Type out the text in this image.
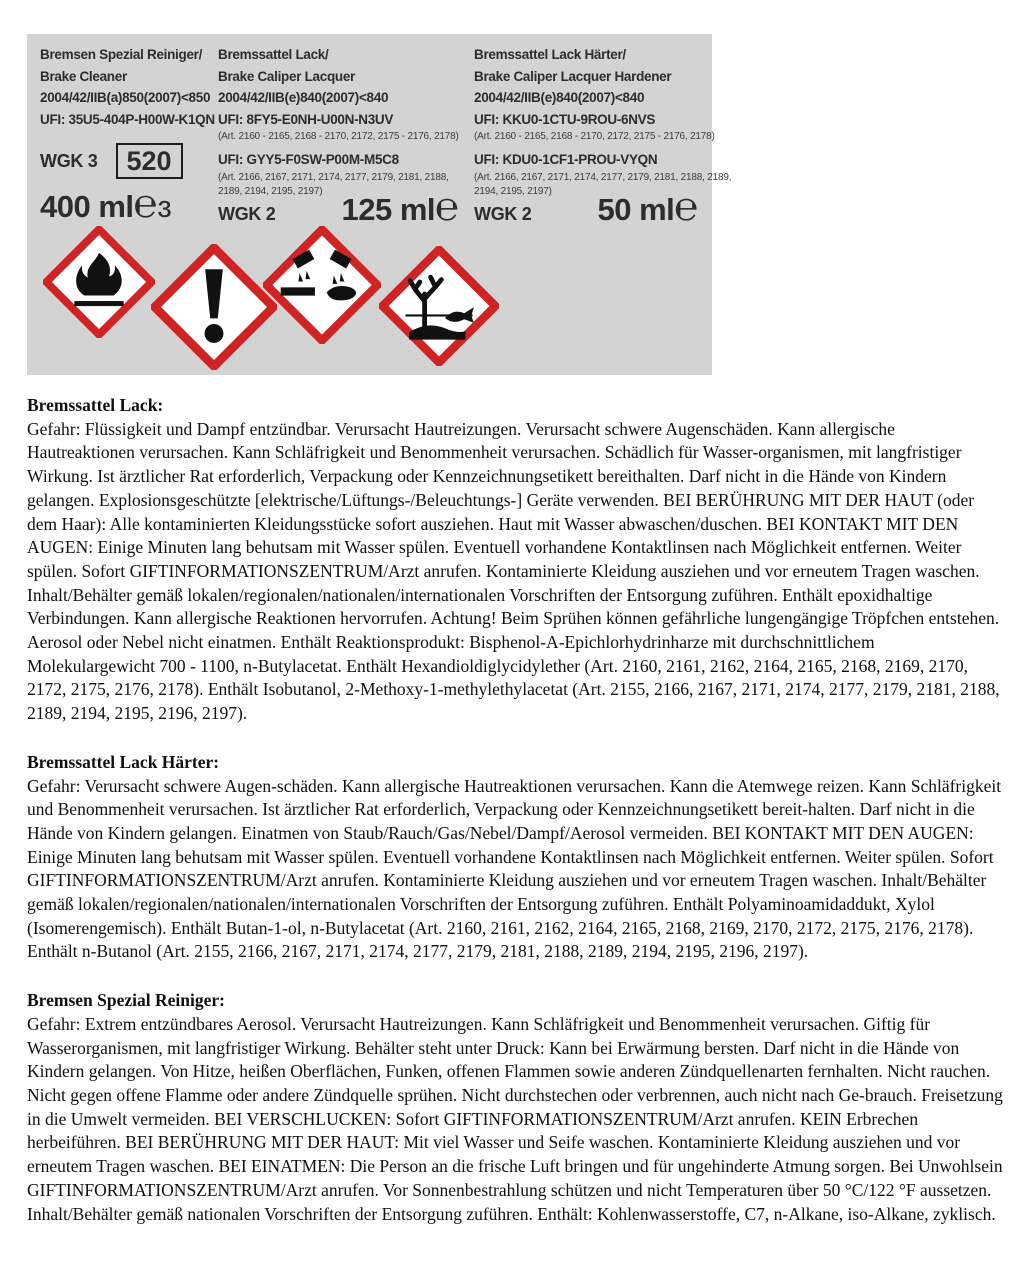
Bremsen Spezial Reiniger/
Brake Cleaner
2004/42/IIB(a)850(2007)<850
UFI: 35U5-404P-H00W-K1QN
WGK 3	520
400 ml ℮ ɜ
Bremssattel Lack/
Brake Caliper Lacquer
2004/42/IIB(e)840(2007)<840
UFI: 8FY5-E0NH-U00N-N3UV
(Art. 2160 - 2165, 2168 - 2170, 2172, 2175 - 2176, 2178)
UFI: GYY5-F0SW-P00M-M5C8
(Art. 2166, 2167, 2171, 2174, 2177, 2179, 2181, 2188, 2189, 2194, 2195, 2197)
WGK 2 125 ml ℮
Bremssattel Lack Härter/
Brake Caliper Lacquer Hardener
2004/42/IIB(e)840(2007)<840
UFI: KKU0-1CTU-9ROU-6NVS
(Art. 2160 - 2165, 2168 - 2170, 2172, 2175 - 2176, 2178)
UFI: KDU0-1CF1-PROU-VYQN
(Art. 2166, 2167, 2171, 2174, 2177, 2179, 2181, 2188, 2189, 2194, 2195, 2197)
WGK 2 50 ml ℮
Bremssattel Lack:
Gefahr: Flüssigkeit und Dampf entzündbar. Verursacht Hautreizungen. Verursacht schwere Augenschäden. Kann allergische Hautreaktionen verursachen. Kann Schläfrigkeit und Benommenheit verursachen. Schädlich für Wasser-organismen, mit langfristiger Wirkung. Ist ärztlicher Rat erforderlich, Verpackung oder Kennzeichnungsetikett bereithalten. Darf nicht in die Hände von Kindern gelangen. Explosionsgeschützte [elektrische/Lüftungs-/Beleuchtungs-] Geräte verwenden. BEI BERÜHRUNG MIT DER HAUT (oder dem Haar): Alle kontaminierten Kleidungsstücke sofort ausziehen. Haut mit Wasser abwaschen/duschen. BEI KONTAKT MIT DEN AUGEN: Einige Minuten lang behutsam mit Wasser spülen. Eventuell vorhandene Kontaktlinsen nach Möglichkeit entfernen. Weiter spülen. Sofort GIFTINFORMATIONSZENTRUM/Arzt anrufen. Kontaminierte Kleidung ausziehen und vor erneutem Tragen waschen. Inhalt/Behälter gemäß lokalen/regionalen/nationalen/internationalen Vorschriften der Entsorgung zuführen. Enthält epoxidhaltige Verbindungen. Kann allergische Reaktionen hervorrufen. Achtung! Beim Sprühen können gefährliche lungengängige Tröpfchen entstehen. Aerosol oder Nebel nicht einatmen. Enthält Reaktionsprodukt: Bisphenol-A-Epichlorhydrinharze mit durchschnittlichem Molekulargewicht 700 - 1100, n-Butylacetat. Enthält Hexandioldiglycidylether (Art. 2160, 2161, 2162, 2164, 2165, 2168, 2169, 2170, 2172, 2175, 2176, 2178). Enthält Isobutanol, 2-Methoxy-1-methylethylacetat (Art. 2155, 2166, 2167, 2171, 2174, 2177, 2179, 2181, 2188, 2189, 2194, 2195, 2196, 2197).
Bremssattel Lack Härter:
Gefahr: Verursacht schwere Augen-schäden. Kann allergische Hautreaktionen verursachen. Kann die Atemwege reizen. Kann Schläfrigkeit und Benommenheit verursachen. Ist ärztlicher Rat erforderlich, Verpackung oder Kennzeichnungsetikett bereit-halten. Darf nicht in die Hände von Kindern gelangen. Einatmen von Staub/Rauch/Gas/Nebel/Dampf/Aerosol vermeiden. BEI KONTAKT MIT DEN AUGEN: Einige Minuten lang behutsam mit Wasser spülen. Eventuell vorhandene Kontaktlinsen nach Möglichkeit entfernen. Weiter spülen. Sofort GIFTINFORMATIONSZENTRUM/Arzt anrufen. Kontaminierte Kleidung ausziehen und vor erneutem Tragen waschen. Inhalt/Behälter gemäß lokalen/regionalen/nationalen/internationalen Vorschriften der Entsorgung zuführen. Enthält Polyaminoamidaddukt, Xylol (Isomerengemisch). Enthält Butan-1-ol, n-Butylacetat (Art. 2160, 2161, 2162, 2164, 2165, 2168, 2169, 2170, 2172, 2175, 2176, 2178). Enthält n-Butanol (Art. 2155, 2166, 2167, 2171, 2174, 2177, 2179, 2181, 2188, 2189, 2194, 2195, 2196, 2197).
Bremsen Spezial Reiniger:
Gefahr: Extrem entzündbares Aerosol. Verursacht Hautreizungen. Kann Schläfrigkeit und Benommenheit verursachen. Giftig für Wasserorganismen, mit langfristiger Wirkung. Behälter steht unter Druck: Kann bei Erwärmung bersten. Darf nicht in die Hände von Kindern gelangen. Von Hitze, heißen Oberflächen, Funken, offenen Flammen sowie anderen Zündquellenarten fernhalten. Nicht rauchen. Nicht gegen offene Flamme oder andere Zündquelle sprühen. Nicht durchstechen oder verbrennen, auch nicht nach Ge-brauch. Freisetzung in die Umwelt vermeiden. BEI VERSCHLUCKEN: Sofort GIFTINFORMATIONSZENTRUM/Arzt anrufen. KEIN Erbrechen herbeiführen. BEI BERÜHRUNG MIT DER HAUT: Mit viel Wasser und Seife waschen. Kontaminierte Kleidung ausziehen und vor erneutem Tragen waschen. BEI EINATMEN: Die Person an die frische Luft bringen und für ungehinderte Atmung sorgen. Bei Unwohlsein GIFTINFORMATIONSZENTRUM/Arzt anrufen. Vor Sonnenbestrahlung schützen und nicht Temperaturen über 50 °C/122 °F aussetzen. Inhalt/Behälter gemäß nationalen Vorschriften der Entsorgung zuführen. Enthält: Kohlenwasserstoffe, C7, n-Alkane, iso-Alkane, zyklisch.
